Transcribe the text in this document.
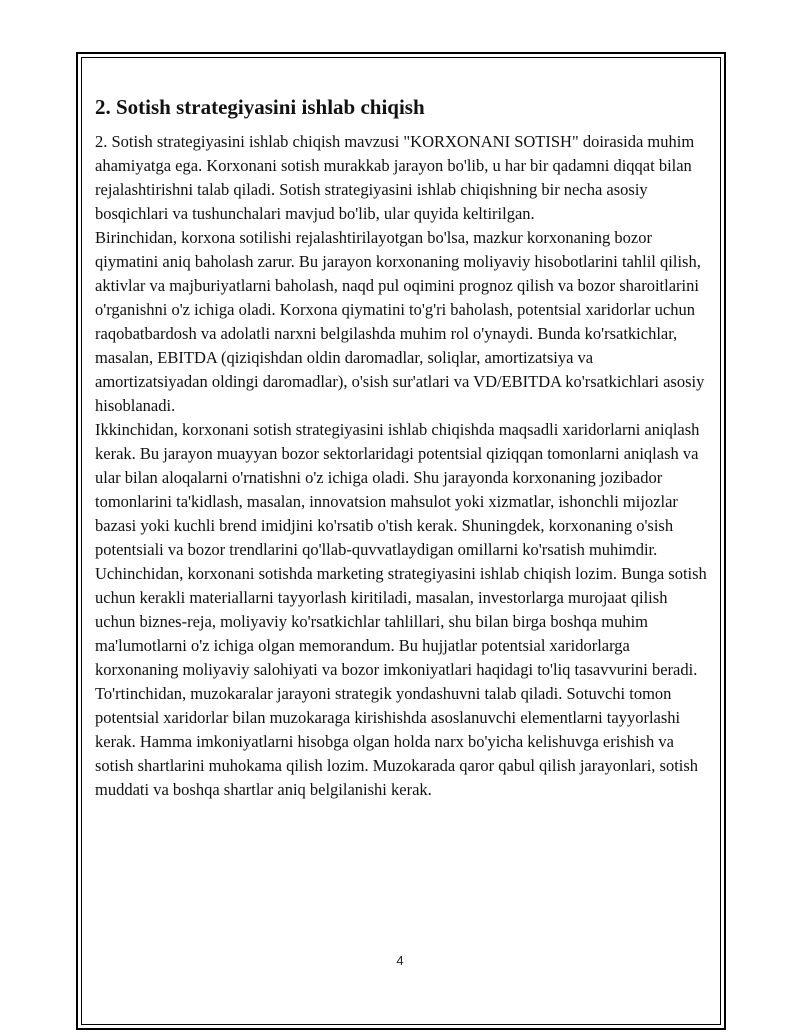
2. Sotish strategiyasini ishlab chiqish

2. Sotish strategiyasini ishlab chiqish mavzusi "KORXONANI SOTISH" doirasida muhim ahamiyatga ega. Korxonani sotish murakkab jarayon bo'lib, u har bir qadamni diqqat bilan rejalashtirishni talab qiladi. Sotish strategiyasini ishlab chiqishning bir necha asosiy bosqichlari va tushunchalari mavjud bo'lib, ular quyida keltirilgan.

Birinchidan, korxona sotilishi rejalashtirilayotgan bo'lsa, mazkur korxonaning bozor qiymatini aniq baholash zarur. Bu jarayon korxonaning moliyaviy hisobotlarini tahlil qilish, aktivlar va majburiyatlarni baholash, naqd pul oqimini prognoz qilish va bozor sharoitlarini o'rganishni o'z ichiga oladi. Korxona qiymatini to'g'ri baholash, potentsial xaridorlar uchun raqobatbardosh va adolatli narxni belgilashda muhim rol o'ynaydi. Bunda ko'rsatkichlar, masalan, EBITDA (qiziqishdan oldin daromadlar, soliqlar, amortizatsiya va amortizatsiyadan oldingi daromadlar), o'sish sur'atlari va VD/EBITDA ko'rsatkichlari asosiy hisoblanadi.

Ikkinchidan, korxonani sotish strategiyasini ishlab chiqishda maqsadli xaridorlarni aniqlash kerak. Bu jarayon muayyan bozor sektorlaridagi potentsial qiziqqan tomonlarni aniqlash va ular bilan aloqalarni o'rnatishni o'z ichiga oladi. Shu jarayonda korxonaning jozibador tomonlarini ta'kidlash, masalan, innovatsion mahsulot yoki xizmatlar, ishonchli mijozlar bazasi yoki kuchli brend imidjini ko'rsatib o'tish kerak. Shuningdek, korxonaning o'sish potentsiali va bozor trendlarini qo'llab-quvvatlaydigan omillarni ko'rsatish muhimdir.

Uchinchidan, korxonani sotishda marketing strategiyasini ishlab chiqish lozim. Bunga sotish uchun kerakli materiallarni tayyorlash kiritiladi, masalan, investorlarga murojaat qilish uchun biznes-reja, moliyaviy ko'rsatkichlar tahlillari, shu bilan birga boshqa muhim ma'lumotlarni o'z ichiga olgan memorandum. Bu hujjatlar potentsial xaridorlarga korxonaning moliyaviy salohiyati va bozor imkoniyatlari haqidagi to'liq tasavvurini beradi.

To'rtinchidan, muzokaralar jarayoni strategik yondashuvni talab qiladi. Sotuvchi tomon potentsial xaridorlar bilan muzokaraga kirishishda asoslanuvchi elementlarni tayyorlashi kerak. Hamma imkoniyatlarni hisobga olgan holda narx bo'yicha kelishuvga erishish va sotish shartlarini muhokama qilish lozim. Muzokarada qaror qabul qilish jarayonlari, sotish muddati va boshqa shartlar aniq belgilanishi kerak.

4
